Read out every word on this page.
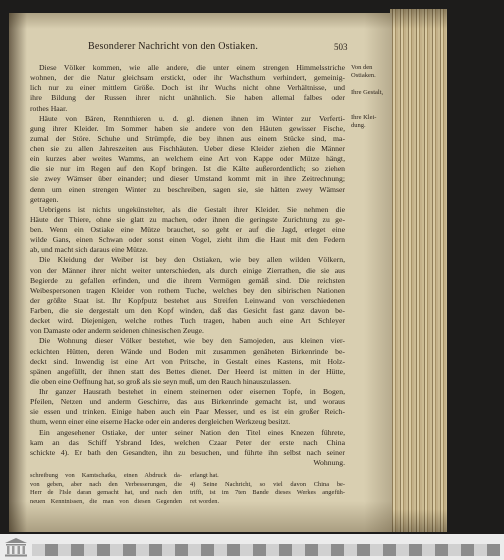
Besonderer Nachricht von den Ostiaken.	503
Von den
Ostiaken.
Ihre Gestalt,
Ihre Klei-
dung.
Diese Völker kommen, wie alle andere, die unter einem strengen Himmelsstriche
wohnen, der die Natur gleichsam erstickt, oder ihr Wachsthum verhindert, gemeinig-
lich nur zu einer mittlern Größe. Doch ist ihr Wuchs nicht ohne Verhältnisse, und
ihre Bildung der Russen ihrer nicht unähnlich. Sie haben allemal falbes oder
rothes Haar.
Häute von Bären, Rennthieren u. d. gl. dienen ihnen im Winter zur Verferti-
gung ihrer Kleider. Im Sommer haben sie andere von den Häuten gewisser Fische,
zumal der Störe. Schuhe und Strümpfe, die bey ihnen aus einem Stücke sind, ma-
chen sie zu allen Jahreszeiten aus Fischhäuten. Ueber diese Kleider ziehen die Männer
ein kurzes aber weites Wamms, an welchem eine Art von Kappe oder Mütze hängt,
die sie nur im Regen auf den Kopf bringen. Ist die Kälte außerordentlich; so ziehen
sie zwey Wämser über einander; und dieser Umstand kommt mit in ihre Zeitrechnung;
denn um einen strengen Winter zu beschreiben, sagen sie, sie hätten zwey Wämser
getragen.
Uebrigens ist nichts ungekünstelter, als die Gestalt ihrer Kleider. Sie nehmen die
Häute der Thiere, ohne sie glatt zu machen, oder ihnen die geringste Zurichtung zu ge-
ben. Wenn ein Ostiake eine Mütze brauchet, so geht er auf die Jagd, erleget eine
wilde Gans, einen Schwan oder sonst einen Vogel, zieht ihm die Haut mit den Federn
ab, und macht sich daraus eine Mütze.
Die Kleidung der Weiber ist bey den Ostiaken, wie bey allen wilden Völkern,
von der Männer ihrer nicht weiter unterschieden, als durch einige Zierrathen, die sie aus
Begierde zu gefallen erfinden, und die ihrem Vermögen gemäß sind. Die reichsten
Weibespersonen tragen Kleider von rothem Tuche, welches bey den sibirischen Nationen
der größte Staat ist. Ihr Kopfputz bestehet aus Streifen Leinwand von verschiedenen
Farben, die sie dergestalt um den Kopf winden, daß das Gesicht fast ganz davon be-
decket wird. Diejenigen, welche rothes Tuch tragen, haben auch eine Art Schleyer
von Damaste oder anderm seidenen chinesischen Zeuge.
Die Wohnung dieser Völker bestehet, wie bey den Samojeden, aus kleinen vier-
eckichten Hütten, deren Wände und Boden mit zusammen genäheten Birkenrinde be-
deckt sind. Inwendig ist eine Art von Pritsche, in Gestalt eines Kastens, mit Holz-
spänen angefüllt, der ihnen statt des Bettes dienet. Der Heerd ist mitten in der Hütte,
die oben eine Oeffnung hat, so groß als sie seyn muß, um den Rauch hinauszulassen.
Ihr ganzer Hausrath bestehet in einem steinernen oder eisernen Topfe, in Bogen,
Pfeilen, Netzen und anderm Geschirre, das aus Birkenrinde gemacht ist, und woraus
sie essen und trinken. Einige haben auch ein Paar Messer, und es ist ein großer Reich-
thum, wenn einer eine eiserne Hacke oder ein anderes dergleichen Werkzeug besitzt.
Ein angesehener Ostiake, der unter seiner Nation den Titel eines Knezen führete,
kam an das Schiff Ysbrand Ides, welchen Czaar Peter der erste nach China
schickte 4). Er bath den Gesandten, ihn zu besuchen, und führte ihn selbst nach seiner
Wohnung.
schreibung von Kamtschatka, einen Abdruck da-
von geben, aber nach den Verbesserungen, die
Herr de l'Isle daran gemacht hat, und nach den
neuen Kenntnissen, die man von diesen Gegenden
erlangt hat.
4) Seine Nachricht, so viel davon China be-
trifft, ist im 7ten Bande dieses Werkes angefüh-
ret worden.
